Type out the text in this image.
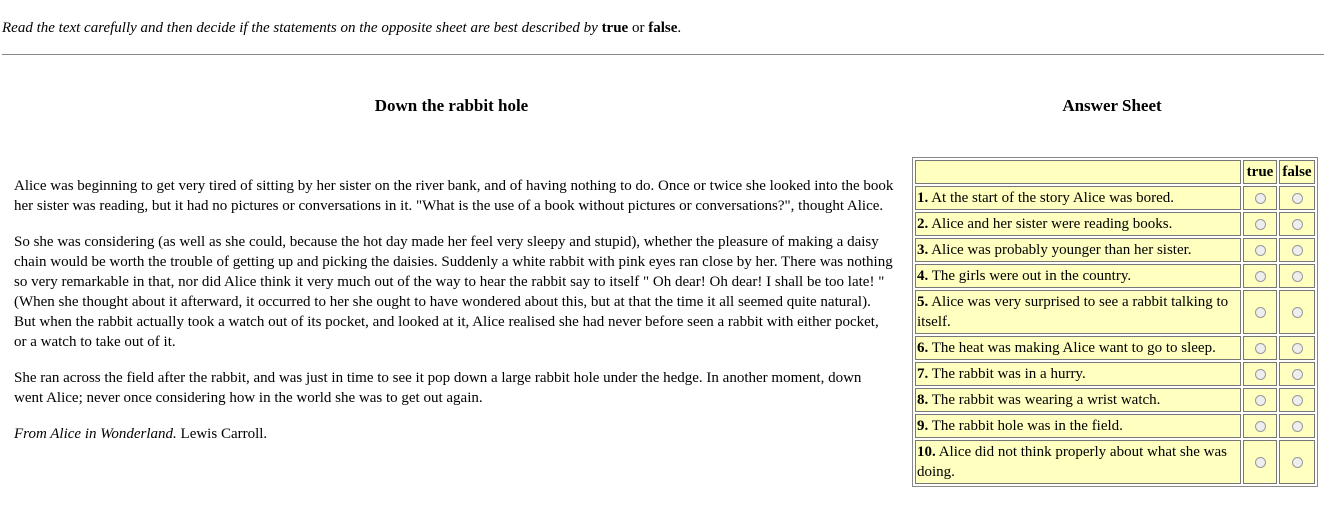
Read the text carefully and then decide if the statements on the opposite sheet are best described by true or false.
Down the rabbit hole	Answer Sheet

Alice was beginning to get very tired of sitting by her sister on the river bank, and of having nothing to do. Once or twice she looked into the book her sister was reading, but it had no pictures or conversations in it. "What is the use of a book without pictures or conversations?", thought Alice.

So she was considering (as well as she could, because the hot day made her feel very sleepy and stupid), whether the pleasure of making a daisy chain would be worth the trouble of getting up and picking the daisies. Suddenly a white rabbit with pink eyes ran close by her. There was nothing so very remarkable in that, nor did Alice think it very much out of the way to hear the rabbit say to itself " Oh dear! Oh dear! I shall be too late! "(When she thought about it afterward, it occurred to her she ought to have wondered about this, but at that the time it all seemed quite natural). But when the rabbit actually took a watch out of its pocket, and looked at it, Alice realised she had never before seen a rabbit with either pocket, or a watch to take out of it.

She ran across the field after the rabbit, and was just in time to see it pop down a large rabbit hole under the hedge. In another moment, down went Alice; never once considering how in the world she was to get out again.

From Alice in Wonderland. Lewis Carroll.

	true	false
1. At the start of the story Alice was bored.		
2. Alice and her sister were reading books.		
3. Alice was probably younger than her sister.		
4. The girls were out in the country.		
5. Alice was very surprised to see a rabbit talking to itself.		
6. The heat was making Alice want to go to sleep.		
7. The rabbit was in a hurry.		
8. The rabbit was wearing a wrist watch.		
9. The rabbit hole was in the field.		
10. Alice did not think properly about what she was doing.		
